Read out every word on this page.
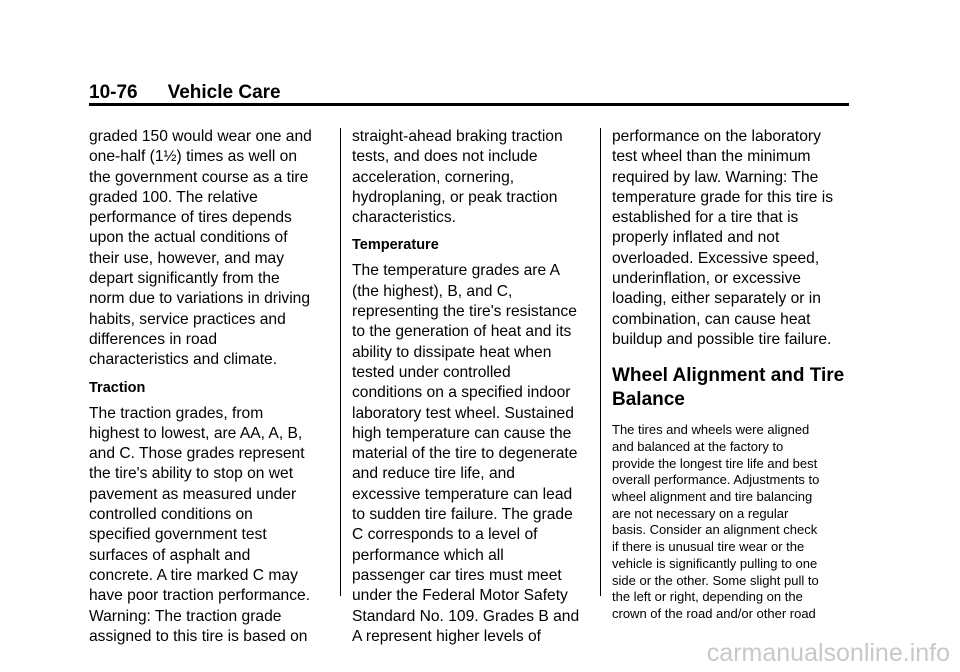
10-76 Vehicle Care
graded 150 would wear one and
one-half (1½) times as well on
the government course as a tire
graded 100. The relative
performance of tires depends
upon the actual conditions of
their use, however, and may
depart significantly from the
norm due to variations in driving
habits, service practices and
differences in road
characteristics and climate.
Traction
The traction grades, from
highest to lowest, are AA, A, B,
and C. Those grades represent
the tire's ability to stop on wet
pavement as measured under
controlled conditions on
specified government test
surfaces of asphalt and
concrete. A tire marked C may
have poor traction performance.
Warning: The traction grade
assigned to this tire is based on
straight-ahead braking traction
tests, and does not include
acceleration, cornering,
hydroplaning, or peak traction
characteristics.
Temperature
The temperature grades are A
(the highest), B, and C,
representing the tire's resistance
to the generation of heat and its
ability to dissipate heat when
tested under controlled
conditions on a specified indoor
laboratory test wheel. Sustained
high temperature can cause the
material of the tire to degenerate
and reduce tire life, and
excessive temperature can lead
to sudden tire failure. The grade
C corresponds to a level of
performance which all
passenger car tires must meet
under the Federal Motor Safety
Standard No. 109. Grades B and
A represent higher levels of
performance on the laboratory
test wheel than the minimum
required by law. Warning: The
temperature grade for this tire is
established for a tire that is
properly inflated and not
overloaded. Excessive speed,
underinflation, or excessive
loading, either separately or in
combination, can cause heat
buildup and possible tire failure.
Wheel Alignment and Tire
Balance
The tires and wheels were aligned
and balanced at the factory to
provide the longest tire life and best
overall performance. Adjustments to
wheel alignment and tire balancing
are not necessary on a regular
basis. Consider an alignment check
if there is unusual tire wear or the
vehicle is significantly pulling to one
side or the other. Some slight pull to
the left or right, depending on the
crown of the road and/or other road
carmanualsonline.info
